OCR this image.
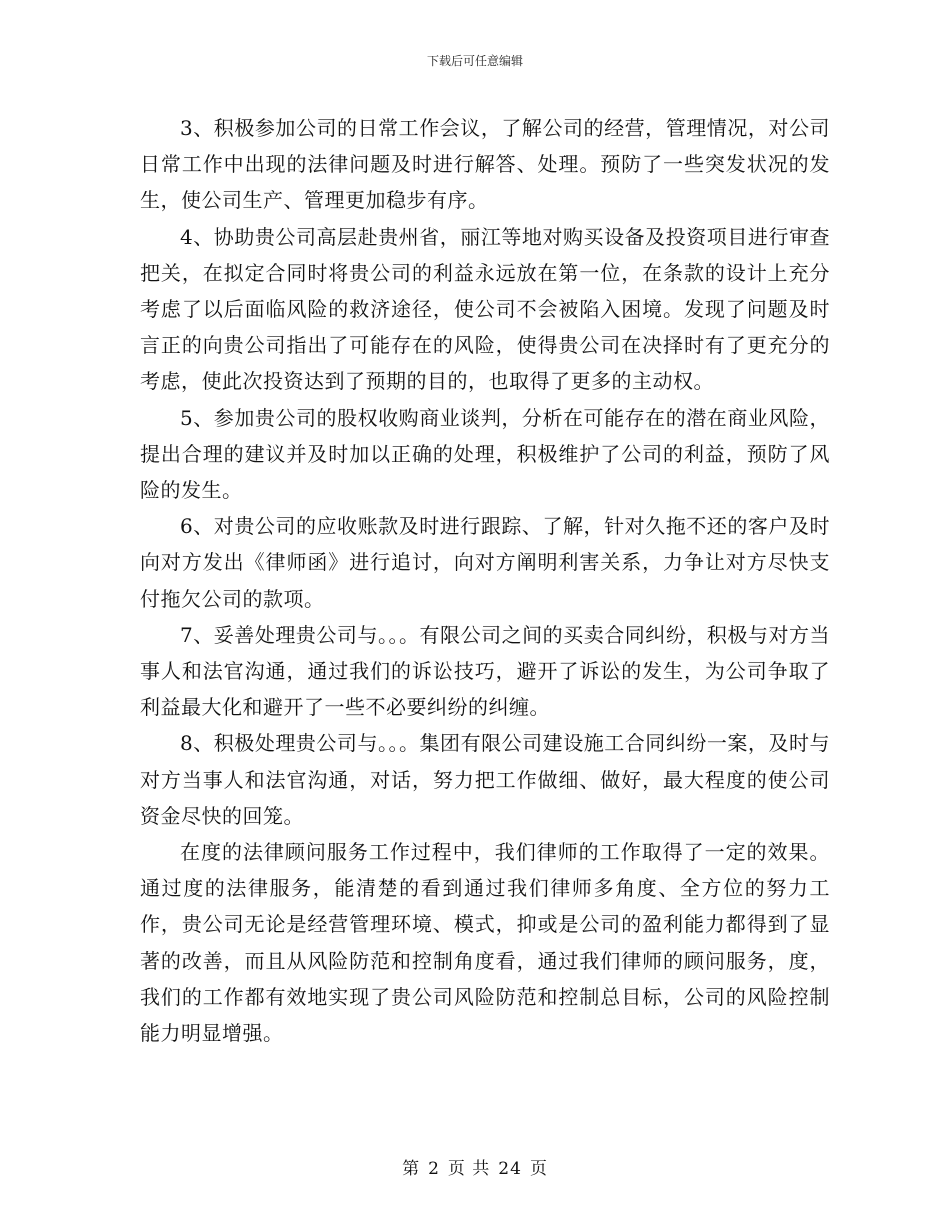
下载后可任意编辑

3、积极参加公司的日常工作会议，了解公司的经营，管理情况，对公司日常工作中出现的法律问题及时进行解答、处理。预防了一些突发状况的发生，使公司生产、管理更加稳步有序。

4、协助贵公司高层赴贵州省，丽江等地对购买设备及投资项目进行审查把关，在拟定合同时将贵公司的利益永远放在第一位，在条款的设计上充分考虑了以后面临风险的救济途径，使公司不会被陷入困境。发现了问题及时言正的向贵公司指出了可能存在的风险，使得贵公司在决择时有了更充分的考虑，使此次投资达到了预期的目的，也取得了更多的主动权。

5、参加贵公司的股权收购商业谈判，分析在可能存在的潜在商业风险，提出合理的建议并及时加以正确的处理，积极维护了公司的利益，预防了风险的发生。

6、对贵公司的应收账款及时进行跟踪、了解，针对久拖不还的客户及时向对方发出《律师函》进行追讨，向对方阐明利害关系，力争让对方尽快支付拖欠公司的款项。

7、妥善处理贵公司与。。。有限公司之间的买卖合同纠纷，积极与对方当事人和法官沟通，通过我们的诉讼技巧，避开了诉讼的发生，为公司争取了利益最大化和避开了一些不必要纠纷的纠缠。

8、积极处理贵公司与。。。集团有限公司建设施工合同纠纷一案，及时与对方当事人和法官沟通，对话，努力把工作做细、做好，最大程度的使公司资金尽快的回笼。

在度的法律顾问服务工作过程中，我们律师的工作取得了一定的效果。通过度的法律服务，能清楚的看到通过我们律师多角度、全方位的努力工作，贵公司无论是经营管理环境、模式，抑或是公司的盈利能力都得到了显著的改善，而且从风险防范和控制角度看，通过我们律师的顾问服务，度，我们的工作都有效地实现了贵公司风险防范和控制总目标，公司的风险控制能力明显增强。

第 2 页 共 24 页
